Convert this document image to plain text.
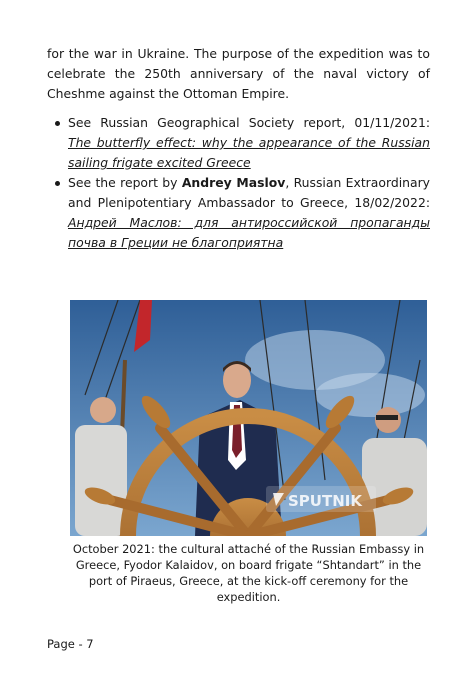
for the war in Ukraine. The purpose of the expedition was to celebrate the 250th anniversary of the naval victory of Cheshme against the Ottoman Empire.

See Russian Geographical Society report, 01/11/2021: The butterfly effect: why the appearance of the Russian sailing frigate excited Greece
See the report by Andrey Maslov, Russian Extraordinary and Plenipotentiary Ambassador to Greece, 18/02/2022: Андрей Маслов: для антироссийской пропаганды почва в Греции не благоприятна
SPUTNIK

October 2021: the cultural attaché of the Russian Embassy in Greece, Fyodor Kalaidov, on board frigate “Shtandart” in the port of Piraeus, Greece, at the kick-off ceremony for the expedition.

Page - 7
